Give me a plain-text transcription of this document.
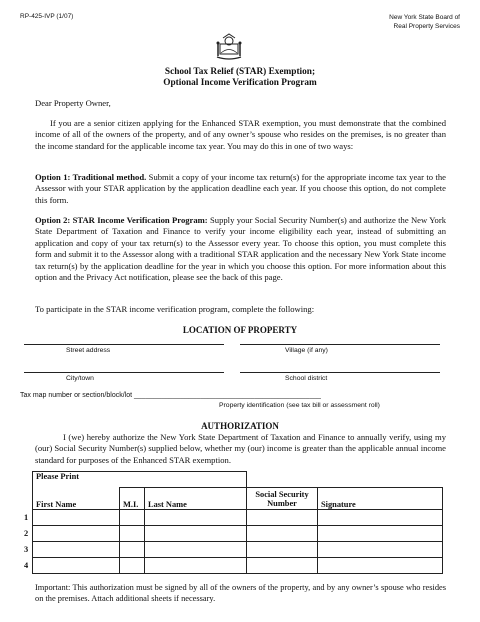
RP-425-IVP (1/07)	New York State Board of
Real Property Services
School Tax Relief (STAR) Exemption;
Optional Income Verification Program
Dear Property Owner,
If you are a senior citizen applying for the Enhanced STAR exemption, you must demonstrate that the combined income of all of the owners of the property, and of any owner’s spouse who resides on the premises, is no greater than the income standard for the applicable income tax year. You may do this in one of two ways:
Option 1: Traditional method. Submit a copy of your income tax return(s) for the appropriate income tax year to the Assessor with your STAR application by the application deadline each year. If you choose this option, do not complete this form.
Option 2: STAR Income Verification Program: Supply your Social Security Number(s) and authorize the New York State Department of Taxation and Finance to verify your income eligibility each year, instead of submitting an application and copy of your tax return(s) to the Assessor every year. To choose this option, you must complete this form and submit it to the Assessor along with a traditional STAR application and the necessary New York State income tax return(s) by the application deadline for the year in which you choose this option. For more information about this option and the Privacy Act notification, please see the back of this page.
To participate in the STAR income verification program, complete the following:
LOCATION OF PROPERTY
Street address	Village (if any)
City/town	School district
Tax map number or section/block/lot ________________________________________________
Property identification (see tax bill or assessment roll)
AUTHORIZATION
I (we) hereby authorize the New York State Department of Taxation and Finance to annually verify, using my (our) Social Security Number(s) supplied below, whether my (our) income is greater than the applicable annual income standard for purposes of the Enhanced STAR exemption.
	Please Print				
	First Name	M.I.	Last Name	Social Security
Number	Signature
1					
2					
3					
4					
Important: This authorization must be signed by all of the owners of the property, and by any owner’s spouse who resides on the premises. Attach additional sheets if necessary.
